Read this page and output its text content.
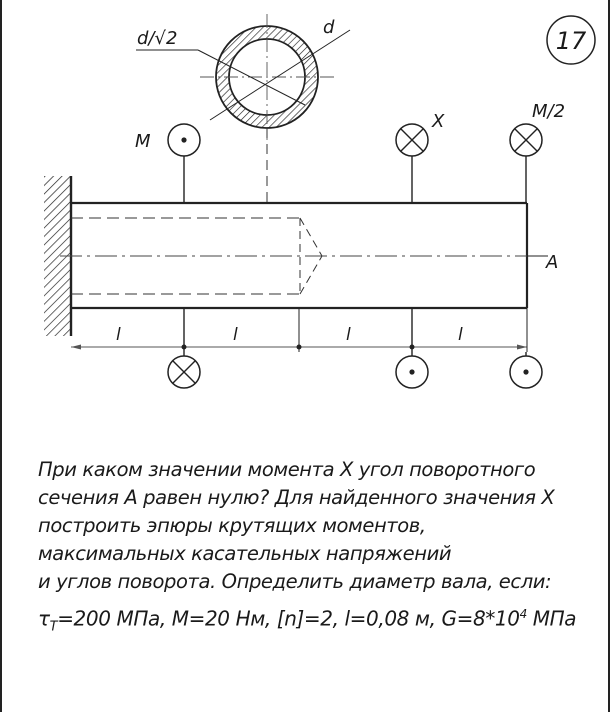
17
d/√2
d
A
M
X	M/2
l	l	l	l
При каком значении момента X угол поворотного
сечения А равен нулю? Для найденного значения X
построить эпюры крутящих моментов,
максимальных касательных напряжений
и углов поворота. Определить диаметр вала, если:
$\tau_T=200$ МПа, M=20 Нм, [n]=2, l=0,08 м, $G=8*10^4$ МПа
